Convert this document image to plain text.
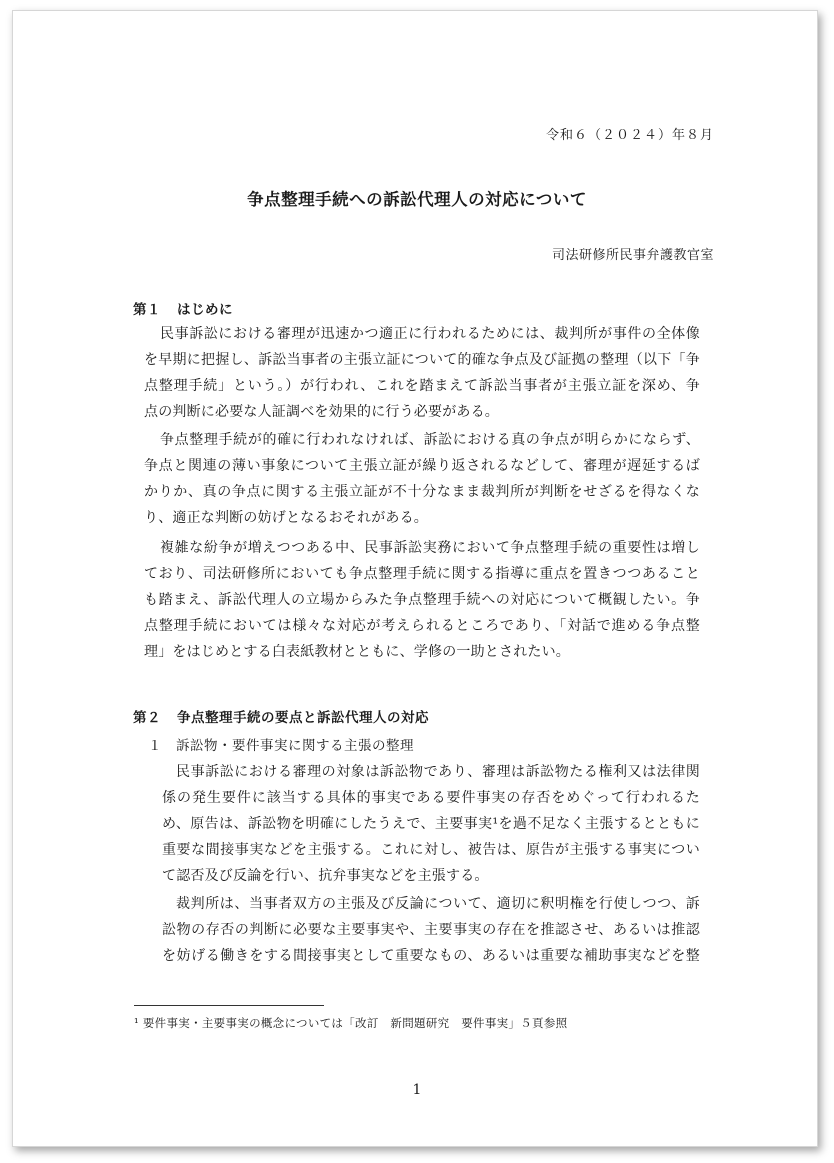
令和６（２０２４）年８月
争点整理手続への訴訟代理人の対応について
司法研修所民事弁護教官室
第１ はじめに
民事訴訟における審理が迅速かつ適正に行われるためには、裁判所が事件の全体像
を早期に把握し、訴訟当事者の主張立証について的確な争点及び証拠の整理（以下「争
点整理手続」という。）が行われ、これを踏まえて訴訟当事者が主張立証を深め、争
点の判断に必要な人証調べを効果的に行う必要がある。
争点整理手続が的確に行われなければ、訴訟における真の争点が明らかにならず、
争点と関連の薄い事象について主張立証が繰り返されるなどして、審理が遅延するば
かりか、真の争点に関する主張立証が不十分なまま裁判所が判断をせざるを得なくな
り、適正な判断の妨げとなるおそれがある。
複雑な紛争が増えつつある中、民事訴訟実務において争点整理手続の重要性は増し
ており、司法研修所においても争点整理手続に関する指導に重点を置きつつあること
も踏まえ、訴訟代理人の立場からみた争点整理手続への対応について概観したい。争
点整理手続においては様々な対応が考えられるところであり、「対話で進める争点整
理」をはじめとする白表紙教材とともに、学修の一助とされたい。
第２ 争点整理手続の要点と訴訟代理人の対応
１ 訴訟物・要件事実に関する主張の整理
民事訴訟における審理の対象は訴訟物であり、審理は訴訟物たる権利又は法律関
係の発生要件に該当する具体的事実である要件事実の存否をめぐって行われるた
め、原告は、訴訟物を明確にしたうえで、主要事実¹を過不足なく主張するとともに
重要な間接事実などを主張する。これに対し、被告は、原告が主張する事実につい
て認否及び反論を行い、抗弁事実などを主張する。
裁判所は、当事者双方の主張及び反論について、適切に釈明権を行使しつつ、訴
訟物の存否の判断に必要な主要事実や、主要事実の存在を推認させ、あるいは推認
を妨げる働きをする間接事実として重要なもの、あるいは重要な補助事実などを整
¹ 要件事実・主要事実の概念については「改訂　新問題研究　要件事実」５頁参照
1
